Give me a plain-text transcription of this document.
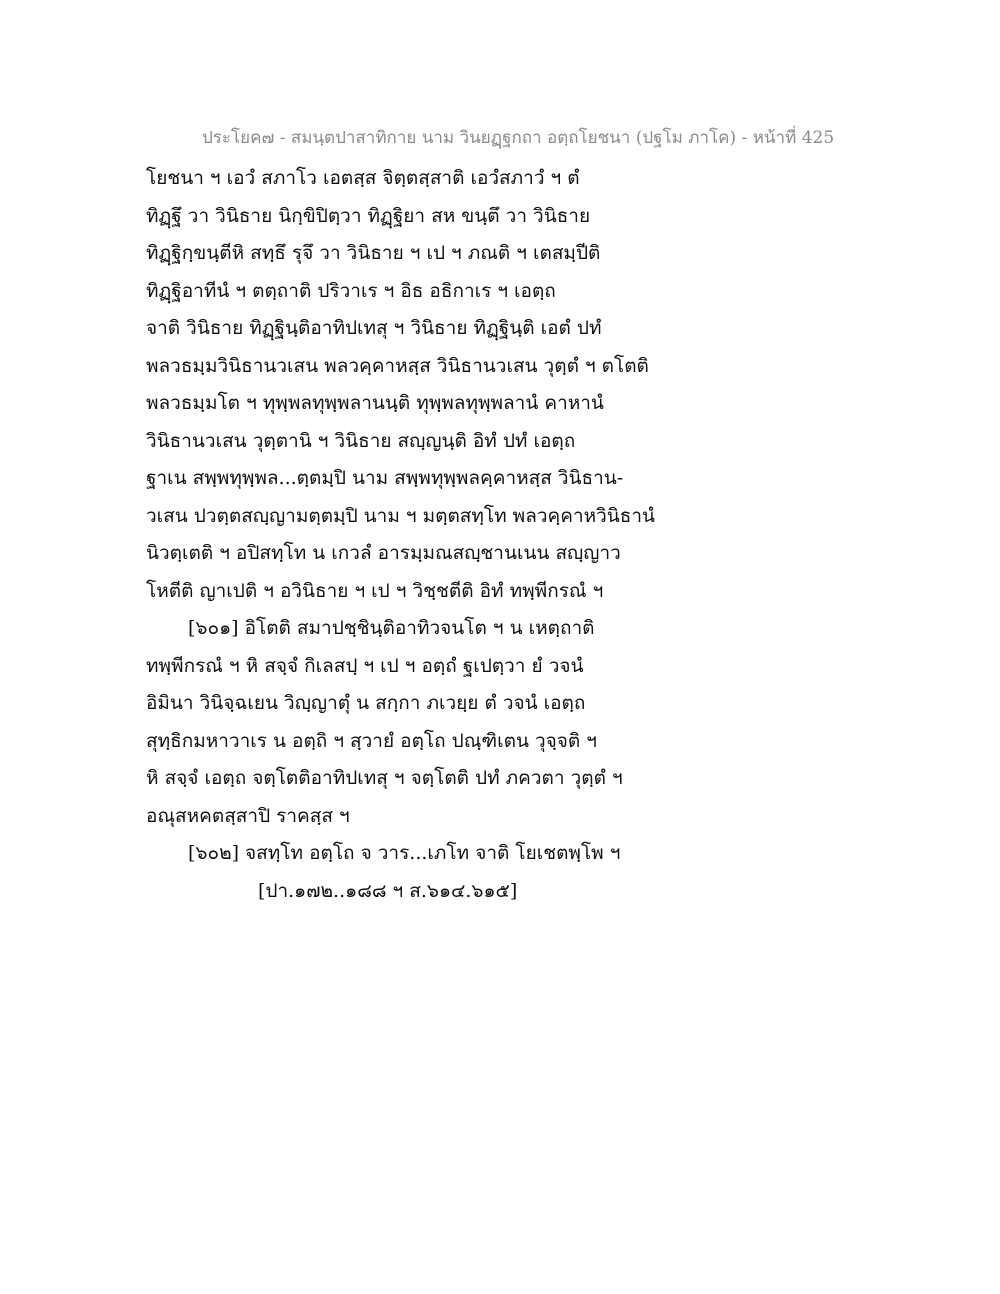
ประโยค๗ - สมนฺตปาสาทิกาย นาม วินยฏฺฐกถา อตฺถโยชนา (ปฐโม ภาโค) - หน้าที่ 425
โยชนา ฯ เอวํ สภาโว เอตสฺส จิตฺตสฺสาติ เอวํสภาวํ ฯ ตํ
ทิฏฺฐึ วา วินิธาย นิกฺขิปิตฺวา ทิฏฺฐิยา สห ขนฺตึ วา วินิธาย
ทิฏฺฐิกฺขนฺตีหิ สทฺธึ รุจึ วา วินิธาย ฯ เป ฯ ภณติ ฯ เตสมฺปีติ
ทิฏฺฐิอาทีนํ ฯ ตตฺถาติ ปริวาเร ฯ อิธ อธิกาเร ฯ เอตฺถ
จาติ วินิธาย ทิฏฺฐินฺติอาทิปเทสุ ฯ วินิธาย ทิฏฺฐินฺติ เอตํ ปทํ
พลวธมฺมวินิธานวเสน พลวคฺคาหสฺส วินิธานวเสน วุตฺตํ ฯ ตโตติ
พลวธมฺมโต ฯ ทุพฺพลทุพฺพลานนฺติ ทุพฺพลทุพฺพลานํ คาหานํ
วินิธานวเสน วุตฺตานิ ฯ วินิธาย สญฺญนฺติ อิทํ ปทํ เอตฺถ
ฐาเน สพฺพทุพฺพล...ตฺตมฺปิ นาม สพฺพทุพฺพลคฺคาหสฺส วินิธาน-
วเสน ปวตฺตสญฺญามตฺตมฺปิ นาม ฯ มตฺตสทฺโท พลวคฺคาหวินิธานํ
นิวตฺเตติ ฯ อปิสทฺโท น เกวลํ อารมฺมณสญฺชานเนน สญฺญาว
โหตีติ ญาเปติ ฯ อวินิธาย ฯ เป ฯ วิชฺชตีติ อิทํ ทพฺพีกรณํ ฯ
[๖๐๑] อิโตติ สมาปชฺชินฺติอาทิวจนโต ฯ น เหตฺถาติ
ทพฺพีกรณํ ฯ หิ สจฺจํ กิเลสปฺ ฯ เป ฯ อตฺถํ ฐเปตฺวา ยํ วจนํ
อิมินา วินิจฺฉเยน วิญฺญาตุํ น สกฺกา ภเวยฺย ตํ วจนํ เอตฺถ
สุทฺธิกมหาวาเร น อตฺถิ ฯ สฺวายํ อตฺโถ ปณฺฑิเตน วุจฺจติ ฯ
หิ สจฺจํ เอตฺถ จตฺโตติอาทิปเทสุ ฯ จตฺโตติ ปทํ ภควตา วุตฺตํ ฯ
อณุสหคตสฺสาปิ ราคสฺส ฯ
[๖๐๒] จสทฺโท อตฺโถ จ วาร...เภโท จาติ โยเชตพฺโพ ฯ
[ปา.๑๗๒..๑๘๘ ฯ ส.๖๑๔.๖๑๕]
